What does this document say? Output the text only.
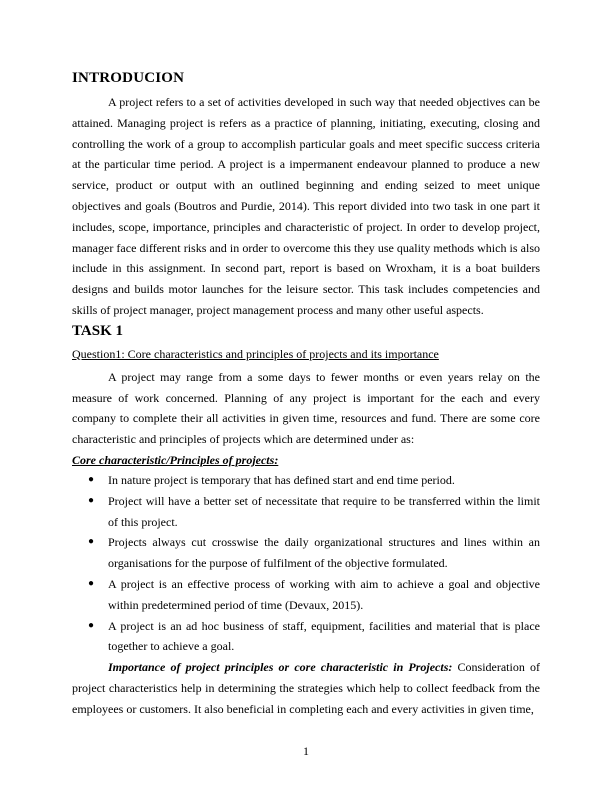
INTRODUCION

A project refers to a set of activities developed in such way that needed objectives can be attained. Managing project is refers as a practice of planning, initiating, executing, closing and controlling the work of a group to accomplish particular goals and meet specific success criteria at the particular time period. A project is a impermanent endeavour planned to produce a new service, product or output with an outlined beginning and ending seized to meet unique objectives and goals (Boutros and Purdie, 2014). This report divided into two task in one part it includes, scope, importance, principles and characteristic of project. In order to develop project, manager face different risks and in order to overcome this they use quality methods which is also include in this assignment. In second part, report is based on Wroxham, it is a boat builders designs and builds motor launches for the leisure sector. This task includes competencies and skills of project manager, project management process and many other useful aspects.

TASK 1
Question1: Core characteristics and principles of projects and its importance

A project may range from a some days to fewer months or even years relay on the measure of work concerned. Planning of any project is important for the each and every company to complete their all activities in given time, resources and fund. There are some core characteristic and principles of projects which are determined under as:

Core characteristic/Principles of projects:
● In nature project is temporary that has defined start and end time period.
● Project will have a better set of necessitate that require to be transferred within the limit of this project.
● Projects always cut crosswise the daily organizational structures and lines within an organisations for the purpose of fulfilment of the objective formulated.
● A project is an effective process of working with aim to achieve a goal and objective within predetermined period of time (Devaux, 2015).
● A project is an ad hoc business of staff, equipment, facilities and material that is place together to achieve a goal.

Importance of project principles or core characteristic in Projects: Consideration of project characteristics help in determining the strategies which help to collect feedback from the employees or customers. It also beneficial in completing each and every activities in given time,

1
